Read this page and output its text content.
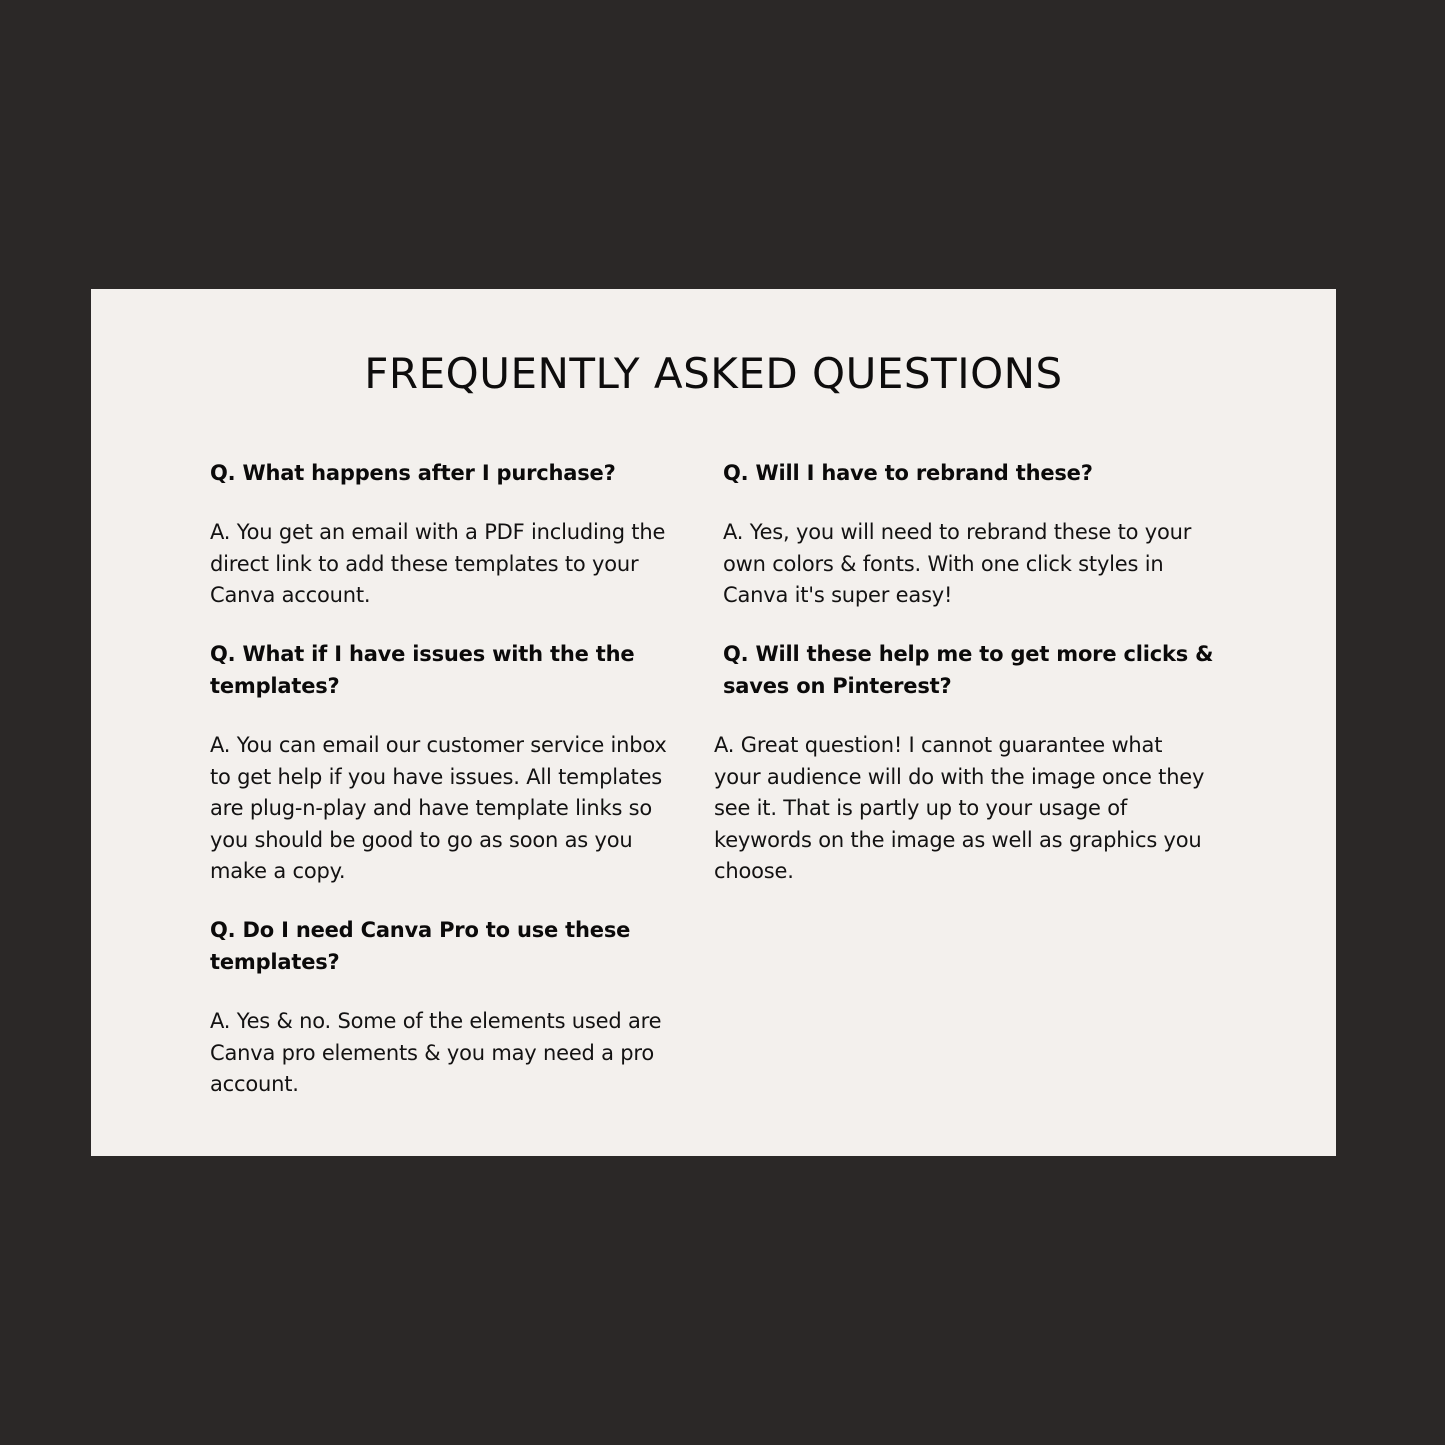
FREQUENTLY ASKED QUESTIONS

Q. What happens after I purchase?

A. You get an email with a PDF including the direct link to add these templates to your Canva account.

Q. What if I have issues with the the templates?

A. You can email our customer service inbox to get help if you have issues. All templates are plug-n-play and have template links so you should be good to go as soon as you make a copy.

Q. Do I need Canva Pro to use these templates?

A. Yes & no. Some of the elements used are Canva pro elements & you may need a pro account.

Q. Will I have to rebrand these?

A. Yes, you will need to rebrand these to your own colors & fonts. With one click styles in Canva it's super easy!

Q. Will these help me to get more clicks & saves on Pinterest?

A. Great question! I cannot guarantee what your audience will do with the image once they see it. That is partly up to your usage of keywords on the image as well as graphics you choose.
